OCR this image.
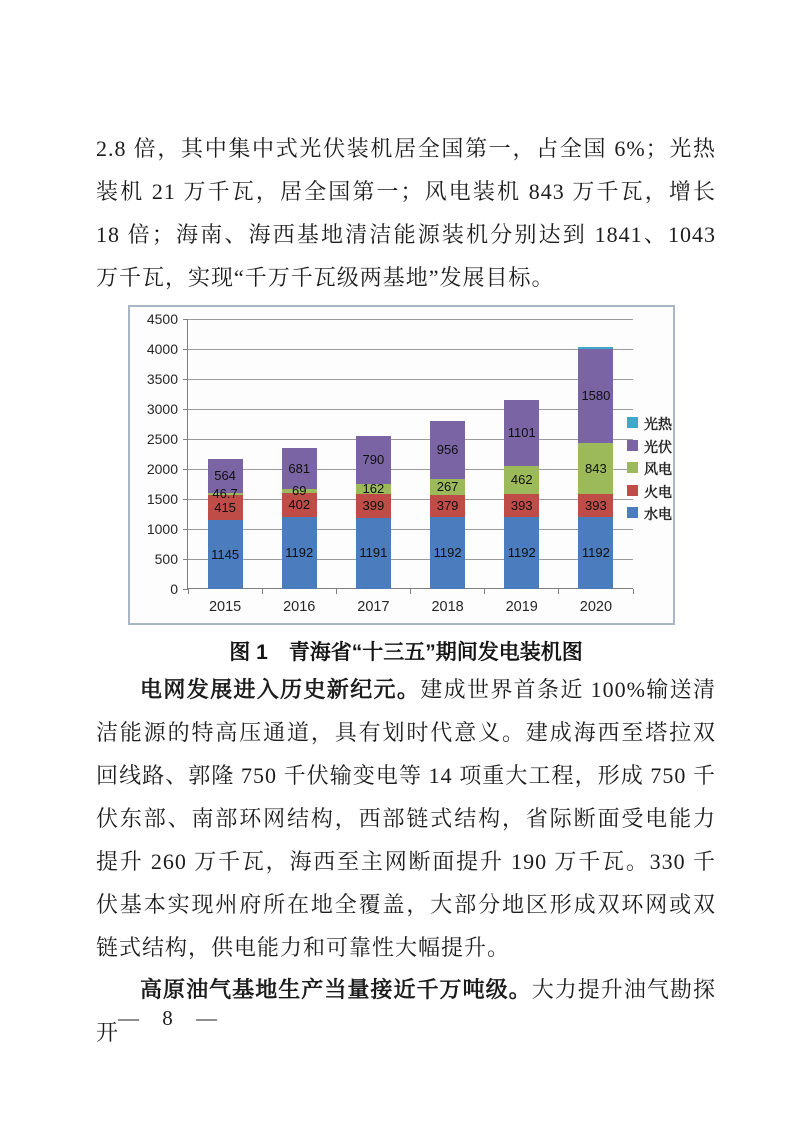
2.8 倍，其中集中式光伏装机居全国第一，占全国 6%；光热装机 21 万千瓦，居全国第一；风电装机 843 万千瓦，增长 18 倍；海南、海西基地清洁能源装机分别达到 1841、1043 万千瓦，实现“千万千瓦级两基地”发展目标。

0
500
1000
1500
2000
2500
3000
3500
4000
4500
2015
1145
415
46.7
564
2016
1192
402
69
681
2017
1191
399
162
790
2018
1192
379
267
956
2019
1192
393
462
1101
2020
1192
393
843
1580
光热
光伏
风电
火电
水电
图 1　青海省“十三五”期间发电装机图

电网发展进入历史新纪元。建成世界首条近 100%输送清洁能源的特高压通道，具有划时代意义。建成海西至塔拉双回线路、郭隆 750 千伏输变电等 14 项重大工程，形成 750 千伏东部、南部环网结构，西部链式结构，省际断面受电能力提升 260 万千瓦，海西至主网断面提升 190 万千瓦。330 千伏基本实现州府所在地全覆盖，大部分地区形成双环网或双链式结构，供电能力和可靠性大幅提升。

高原油气基地生产当量接近千万吨级。大力提升油气勘探开

— 8 —
